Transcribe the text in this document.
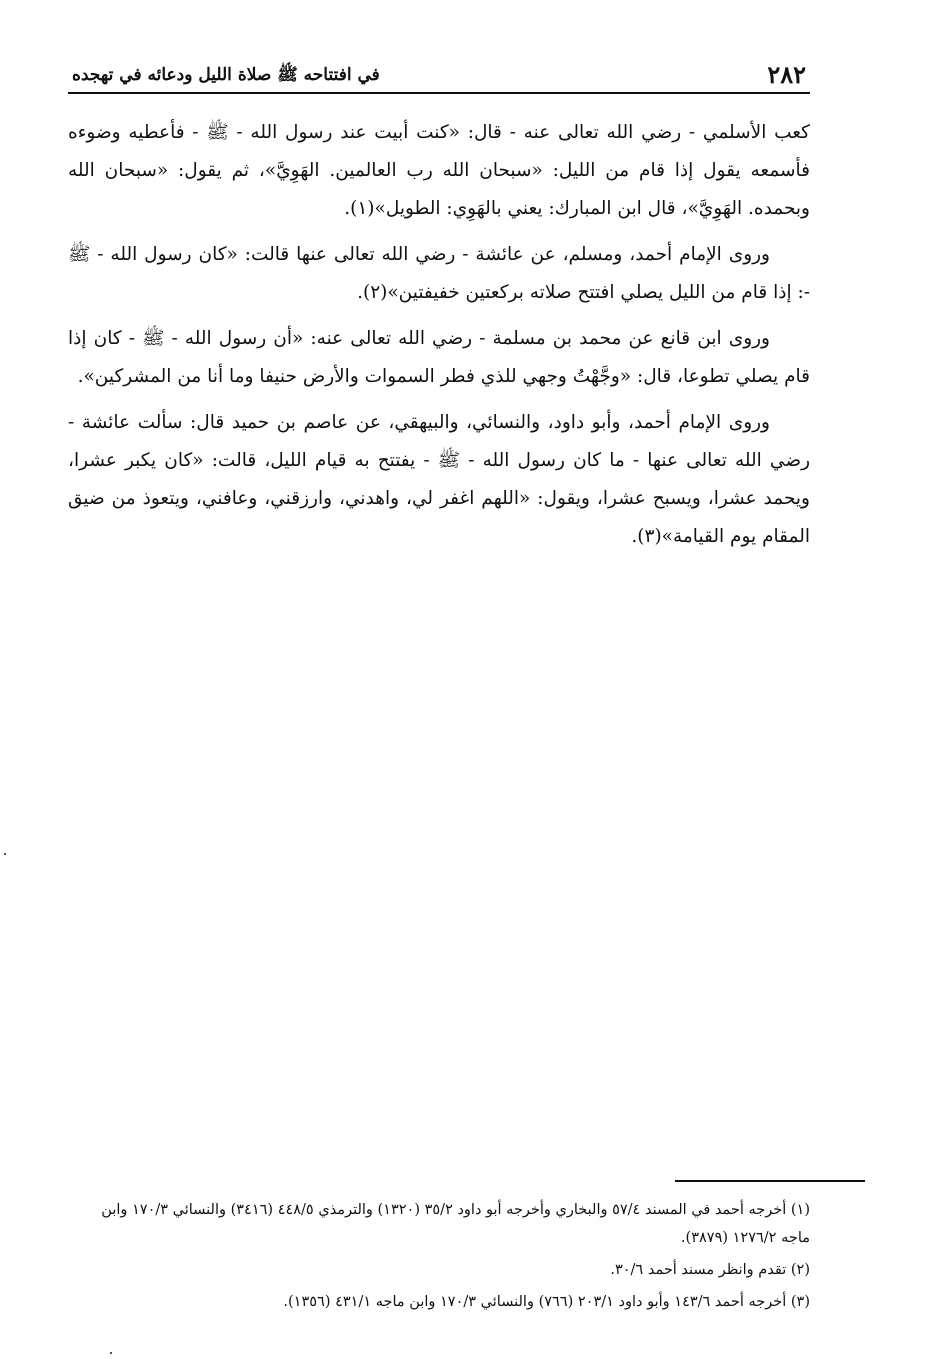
٢٨٢
في افتتاحه ﷺ صلاة الليل ودعائه في تهجده

كعب الأسلمي - رضي الله تعالى عنه - قال: «كنت أبيت عند رسول الله - ﷺ - فأعطيه وضوءه فأسمعه يقول إذا قام من الليل: «سبحان الله رب العالمين. الهَوِيَّ»، ثم يقول: «سبحان الله وبحمده. الهَوِيَّ»، قال ابن المبارك: يعني بالهَوِي: الطويل»(١).

وروى الإمام أحمد، ومسلم، عن عائشة - رضي الله تعالى عنها قالت: «كان رسول الله - ﷺ -: إذا قام من الليل يصلي افتتح صلاته بركعتين خفيفتين»(٢).

وروى ابن قانع عن محمد بن مسلمة - رضي الله تعالى عنه: «أن رسول الله - ﷺ - كان إذا قام يصلي تطوعا، قال: «وجَّهْتُ وجهي للذي فطر السموات والأرض حنيفا وما أنا من المشركين».

وروى الإمام أحمد، وأبو داود، والنسائي، والبيهقي، عن عاصم بن حميد قال: سألت عائشة - رضي الله تعالى عنها - ما كان رسول الله - ﷺ - يفتتح به قيام الليل، قالت: «كان يكبر عشرا، ويحمد عشرا، ويسبح عشرا، ويقول: «اللهم اغفر لي، واهدني، وارزقني، وعافني، ويتعوذ من ضيق المقام يوم القيامة»(٣).

(١) أخرجه أحمد في المسند ٥٧/٤ والبخاري وأخرجه أبو داود ٣٥/٢ (١٣٢٠) والترمذي ٤٤٨/٥ (٣٤١٦) والنسائي ١٧٠/٣ وابن ماجه ١٢٧٦/٢ (٣٨٧٩).

(٢) تقدم وانظر مسند أحمد ٣٠/٦.

(٣) أخرجه أحمد ١٤٣/٦ وأبو داود ٢٠٣/١ (٧٦٦) والنسائي ١٧٠/٣ وابن ماجه ٤٣١/١ (١٣٥٦).
